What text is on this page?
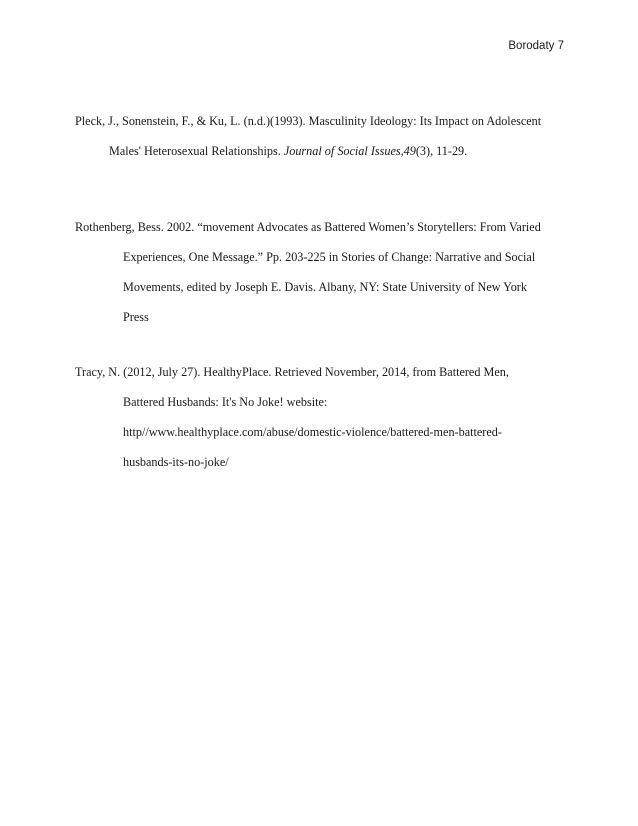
Borodaty 7
Pleck, J., Sonenstein, F., & Ku, L. (n.d.)(1993). Masculinity Ideology: Its Impact on Adolescent
Males' Heterosexual Relationships. Journal of Social Issues,49(3), 11-29.
Rothenberg, Bess. 2002. “movement Advocates as Battered Women’s Storytellers: From Varied
Experiences, One Message.” Pp. 203-225 in Stories of Change: Narrative and Social
Movements, edited by Joseph E. Davis. Albany, NY: State University of New York
Press
Tracy, N. (2012, July 27). HealthyPlace. Retrieved November, 2014, from Battered Men,
Battered Husbands: It's No Joke! website:
http//www.healthyplace.com/abuse/domestic-violence/battered-men-battered-
husbands-its-no-joke/
